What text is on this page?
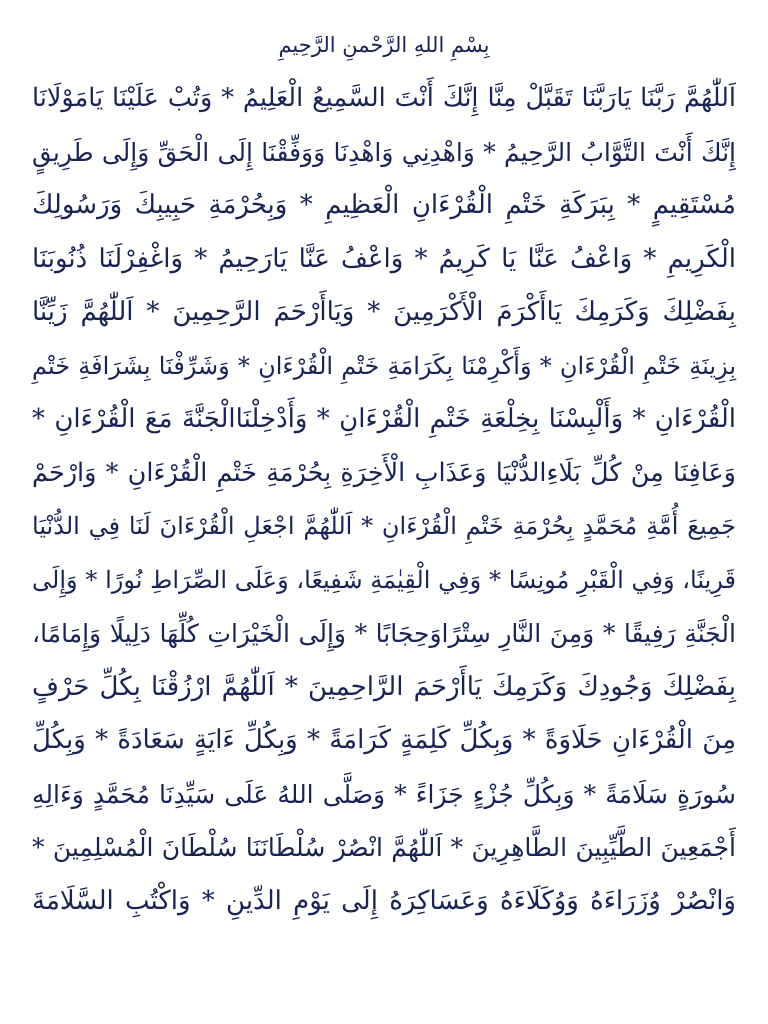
بِسْمِ اللهِ الرَّحْمنِ الرَّحِيمِ
اَللّٰهُمَّ رَبَّنَا يَارَبَّنَا تَقَبَّلْ مِنَّا إِنَّكَ أَنْتَ السَّمِيعُ الْعَلِيمُ * وَتُبْ عَلَيْنَا يَامَوْلَانَا
إِنَّكَ أَنْتَ التَّوَّابُ الرَّحِيمُ * وَاهْدِنِي وَاهْدِنَا وَوَفِّقْنَا إِلَى الْحَقِّ وَإِلَى طَرِيقٍ
مُسْتَقِيمٍ * بِبَرَكَةِ خَتْمِ الْقُرْءَانِ الْعَظِيمِ * وَبِحُرْمَةِ حَبِيبِكَ وَرَسُولِكَ
الْكَرِيمِ * وَاعْفُ عَنَّا يَا كَرِيمُ * وَاعْفُ عَنَّا يَارَحِيمُ * وَاغْفِرْلَنَا ذُنُوبَنَا
بِفَضْلِكَ وَكَرَمِكَ يَاأَكْرَمَ الْأَكْرَمِينَ * وَيَاأَرْحَمَ الرَّحِمِينَ * اَللّٰهُمَّ زَيِّنَّا
بِزِينَةِ خَتْمِ الْقُرْءَانِ * وَأَكْرِمْنَا بِكَرَامَةِ خَتْمِ الْقُرْءَانِ * وَشَرِّفْنَا بِشَرَافَةِ خَتْمِ
الْقُرْءَانِ * وَأَلْبِسْنَا بِخِلْعَةِ خَتْمِ الْقُرْءَانِ * وَأَدْخِلْنَاالْجَنَّةَ مَعَ الْقُرْءَانِ *
وَعَافِنَا مِنْ كُلِّ بَلَاءِالدُّنْيَا وَعَذَابِ الْأَخِرَةِ بِحُرْمَةِ خَتْمِ الْقُرْءَانِ * وَارْحَمْ
جَمِيعَ أُمَّةِ مُحَمَّدٍ بِحُرْمَةِ خَتْمِ الْقُرْءَانِ * اَللّٰهُمَّ اجْعَلِ الْقُرْءَانَ لَنَا فِي الدُّنْيَا
قَرِينًا، وَفِي الْقَبْرِ مُونِسًا * وَفِي الْقِيٰمَةِ شَفِيعًا، وَعَلَى الصِّرَاطِ نُورًا * وَإِلَى
الْجَنَّةِ رَفِيقًا * وَمِنَ النَّارِ سِتْرًاوَحِجَابًا * وَإِلَى الْخَيْرَاتِ كُلِّهَا دَلِيلًا وَإِمَامًا،
بِفَضْلِكَ وَجُودِكَ وَكَرَمِكَ يَاأَرْحَمَ الرَّاحِمِينَ * اَللّٰهُمَّ ارْزُقْنَا بِكُلِّ حَرْفٍ
مِنَ الْقُرْءَانِ حَلَاوَةً * وَبِكُلِّ كَلِمَةٍ كَرَامَةً * وَبِكُلِّ ءَايَةٍ سَعَادَةً * وَبِكُلِّ
سُورَةٍ سَلَامَةً * وَبِكُلِّ جُزْءٍ جَزَاءً * وَصَلَّى اللهُ عَلَى سَيِّدِنَا مُحَمَّدٍ وَءَالِهِ
أَجْمَعِينَ الطَّيِّبِينَ الطَّاهِرِينَ * اَللّٰهُمَّ انْصُرْ سُلْطَانَنَا سُلْطَانَ الْمُسْلِمِينَ *
وَانْصُرْ وُزَرَاءَهُ وَوُكَلَاءَهُ وَعَسَاكِرَهُ إِلَى يَوْمِ الدِّينِ * وَاكْتُبِ السَّلَامَةَ
